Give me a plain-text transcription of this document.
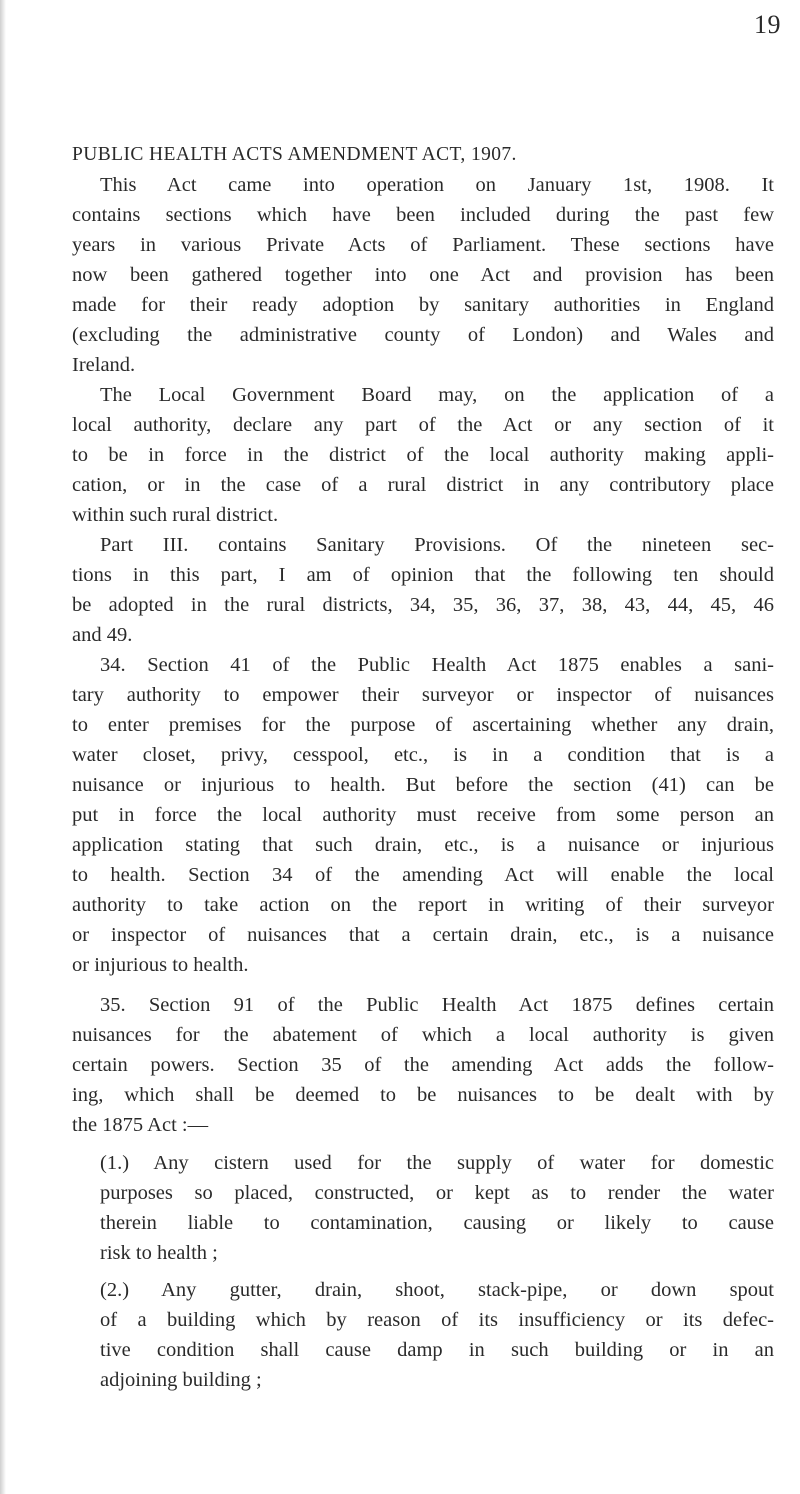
19
PUBLIC HEALTH ACTS AMENDMENT ACT, 1907.
This Act came into operation on January 1st, 1908. It
contains sections which have been included during the past few
years in various Private Acts of Parliament. These sections have
now been gathered together into one Act and provision has been
made for their ready adoption by sanitary authorities in England
(excluding the administrative county of London) and Wales and
Ireland.
The Local Government Board may, on the application of a
local authority, declare any part of the Act or any section of it
to be in force in the district of the local authority making appli-
cation, or in the case of a rural district in any contributory place
within such rural district.
Part III. contains Sanitary Provisions. Of the nineteen sec-
tions in this part, I am of opinion that the following ten should
be adopted in the rural districts, 34, 35, 36, 37, 38, 43, 44, 45, 46
and 49.
34. Section 41 of the Public Health Act 1875 enables a sani-
tary authority to empower their surveyor or inspector of nuisances
to enter premises for the purpose of ascertaining whether any drain,
water closet, privy, cesspool, etc., is in a condition that is a
nuisance or injurious to health. But before the section (41) can be
put in force the local authority must receive from some person an
application stating that such drain, etc., is a nuisance or injurious
to health. Section 34 of the amending Act will enable the local
authority to take action on the report in writing of their surveyor
or inspector of nuisances that a certain drain, etc., is a nuisance
or injurious to health.
35. Section 91 of the Public Health Act 1875 defines certain
nuisances for the abatement of which a local authority is given
certain powers. Section 35 of the amending Act adds the follow-
ing, which shall be deemed to be nuisances to be dealt with by
the 1875 Act :—
(1.) Any cistern used for the supply of water for domestic
purposes so placed, constructed, or kept as to render the water
therein liable to contamination, causing or likely to cause
risk to health ;
(2.) Any gutter, drain, shoot, stack-pipe, or down spout
of a building which by reason of its insufficiency or its defec-
tive condition shall cause damp in such building or in an
adjoining building ;
